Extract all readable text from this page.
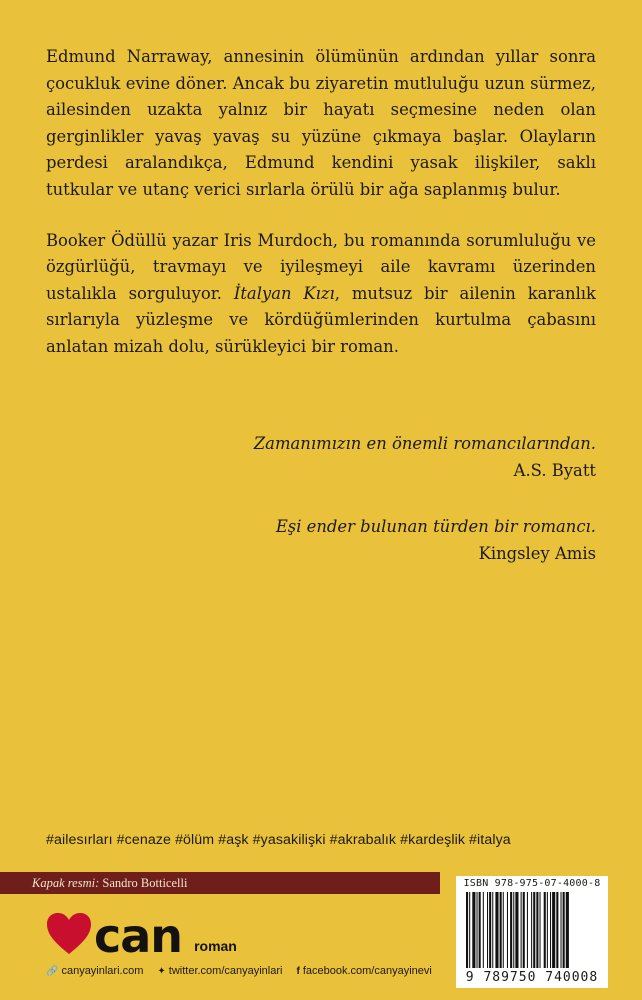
Edmund Narraway, annesinin ölümünün ardından yıllar sonra çocukluk evine döner. Ancak bu ziyaretin mutluluğu uzun sürmez, ailesinden uzakta yalnız bir hayatı seçmesine neden olan gerginlikler yavaş yavaş su yüzüne çıkmaya başlar. Olayların perdesi aralandıkça, Edmund kendini yasak ilişkiler, saklı tutkular ve utanç verici sırlarla örülü bir ağa saplanmış bulur.

Booker Ödüllü yazar Iris Murdoch, bu romanında sorumluluğu ve özgürlüğü, travmayı ve iyileşmeyi aile kavramı üzerinden ustalıkla sorguluyor. İtalyan Kızı, mutsuz bir ailenin karanlık sırlarıyla yüzleşme ve kördüğümlerinden kurtulma çabasını anlatan mizah dolu, sürükleyici bir roman.

Zamanımızın en önemli romancılarından.
A.S. Byatt
Eşi ender bulunan türden bir romancı.
Kingsley Amis
#ailesırları #cenaze #ölüm #aşk #yasakilişki #akrabalık #kardeşlik #italya
Kapak resmi: Sandro Botticelli
can roman
🔗 canyayinlari.com ✦ twitter.com/canyayinlari f facebook.com/canyayinevi
ISBN 978-975-07-4000-8
9 789750 740008
